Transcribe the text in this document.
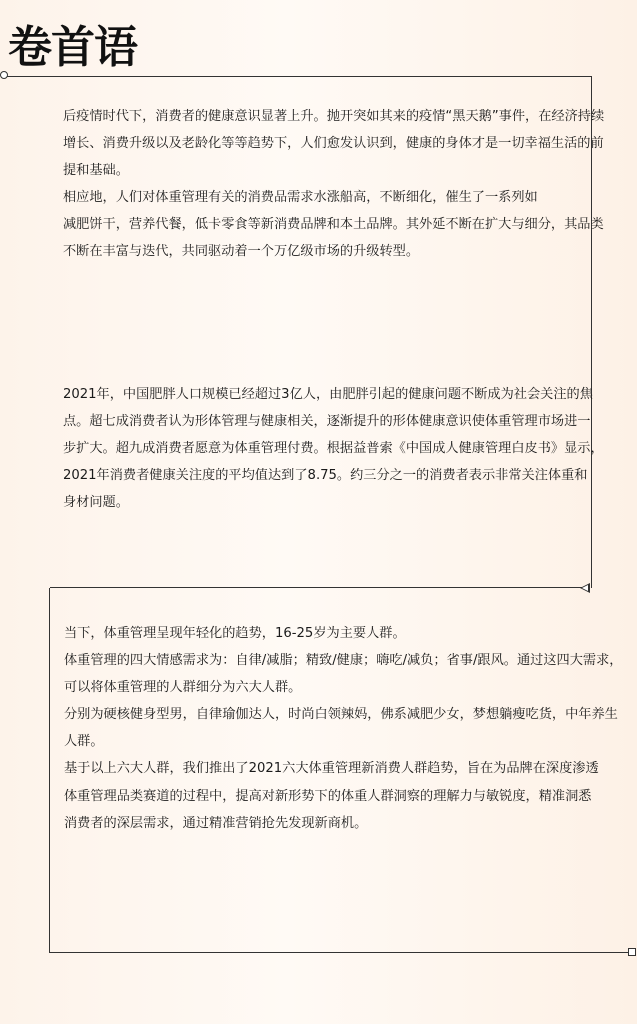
卷首语

后疫情时代下，消费者的健康意识显著上升。抛开突如其来的疫情“黑天鹅”事件，在经济持续

增长、消费升级以及老龄化等等趋势下，人们愈发认识到，健康的身体才是一切幸福生活的前

提和基础。

相应地，人们对体重管理有关的消费品需求水涨船高，不断细化，催生了一系列如

减肥饼干，营养代餐，低卡零食等新消费品牌和本土品牌。其外延不断在扩大与细分，其品类

不断在丰富与迭代，共同驱动着一个万亿级市场的升级转型。

2021年，中国肥胖人口规模已经超过3亿人，由肥胖引起的健康问题不断成为社会关注的焦

点。超七成消费者认为形体管理与健康相关，逐渐提升的形体健康意识使体重管理市场进一

步扩大。超九成消费者愿意为体重管理付费。根据益普索《中国成人健康管理白皮书》显示，

2021年消费者健康关注度的平均值达到了8.75。约三分之一的消费者表示非常关注体重和

身材问题。

当下，体重管理呈现年轻化的趋势，16-25岁为主要人群。

体重管理的四大情感需求为：自律/减脂；精致/健康；嗨吃/减负；省事/跟风。通过这四大需求，

可以将体重管理的人群细分为六大人群。

分别为硬核健身型男，自律瑜伽达人，时尚白领辣妈，佛系减肥少女，梦想躺瘦吃货，中年养生

人群。

基于以上六大人群，我们推出了2021六大体重管理新消费人群趋势，旨在为品牌在深度渗透

体重管理品类赛道的过程中，提高对新形势下的体重人群洞察的理解力与敏锐度，精准洞悉

消费者的深层需求，通过精准营销抢先发现新商机。
